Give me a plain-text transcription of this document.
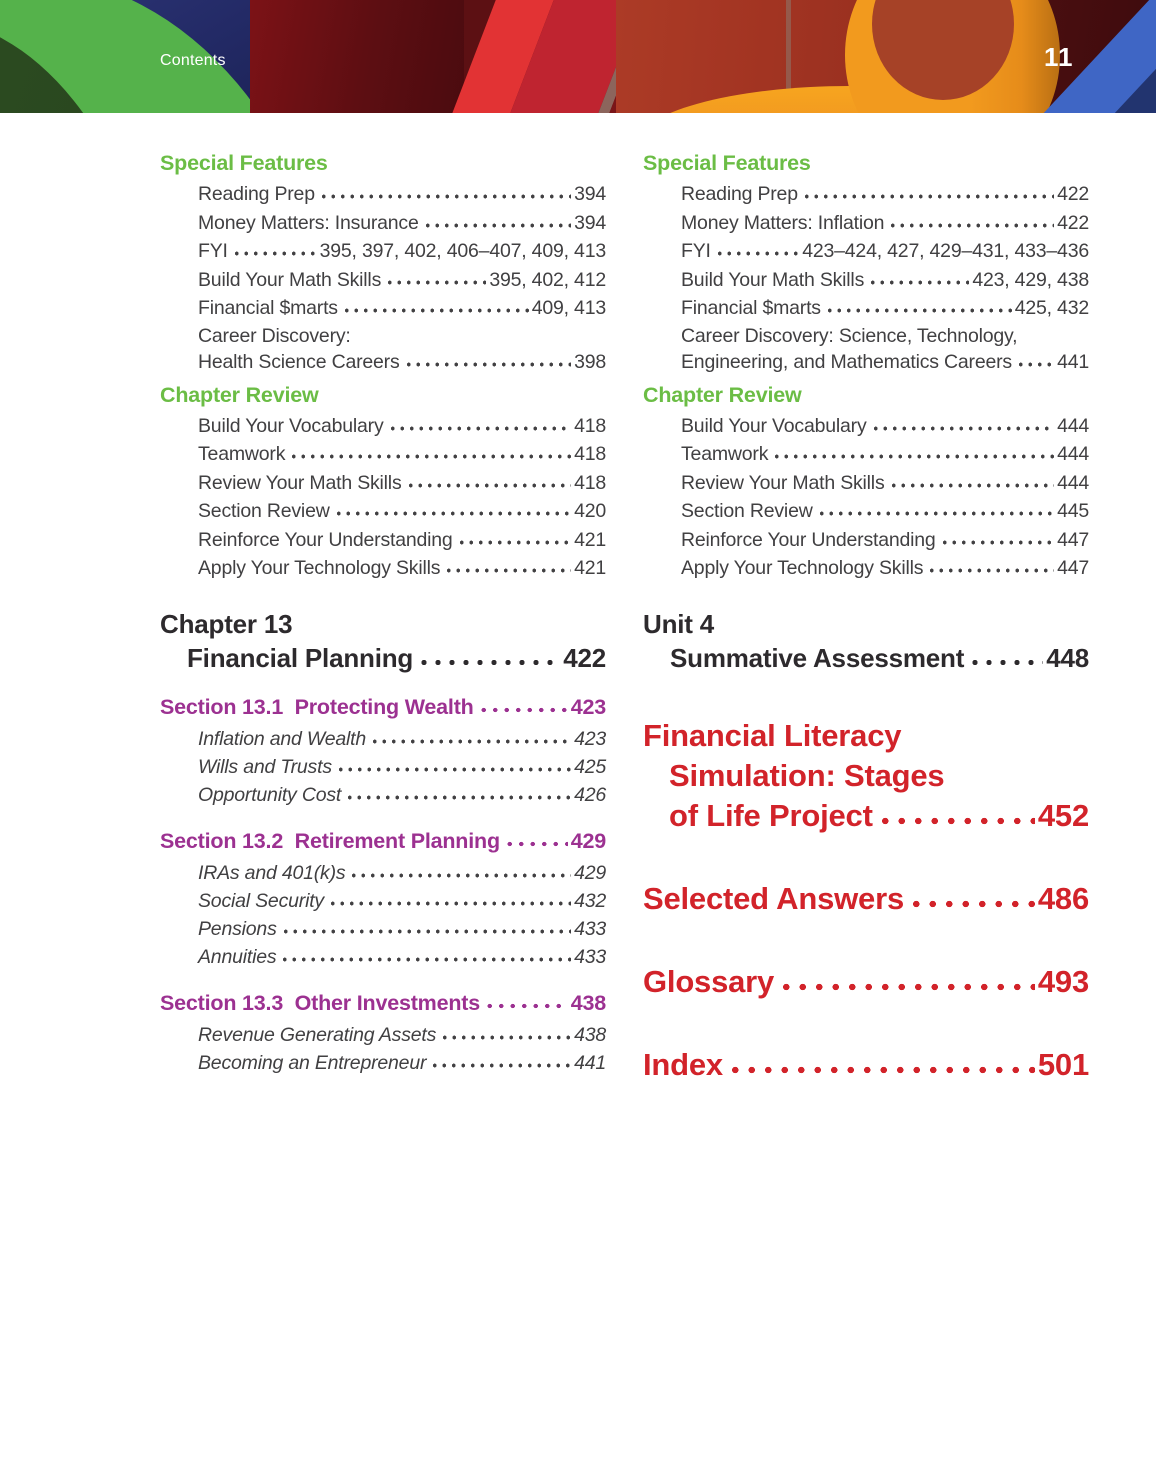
Contents	11
Special Features
Reading Prep	394
Money Matters: Insurance	394
FYI	395, 397, 402, 406–407, 409, 413
Build Your Math Skills	395, 402, 412
Financial $marts	409, 413
Career Discovery:
Health Science Careers	398
Chapter Review
Build Your Vocabulary	418
Teamwork	418
Review Your Math Skills	418
Section Review	420
Reinforce Your Understanding	421
Apply Your Technology Skills	421
Chapter 13
Financial Planning	422
Section 13.1  Protecting Wealth	423
Inflation and Wealth	423
Wills and Trusts	425
Opportunity Cost	426
Section 13.2  Retirement Planning	429
IRAs and 401(k)s	429
Social Security	432
Pensions	433
Annuities	433
Section 13.3  Other Investments	438
Revenue Generating Assets	438
Becoming an Entrepreneur	441
Special Features
Reading Prep	422
Money Matters: Inflation	422
FYI	423–424, 427, 429–431, 433–436
Build Your Math Skills	423, 429, 438
Financial $marts	425, 432
Career Discovery: Science, Technology,
Engineering, and Mathematics Careers 441
Chapter Review
Build Your Vocabulary	444
Teamwork	444
Review Your Math Skills	444
Section Review	445
Reinforce Your Understanding	447
Apply Your Technology Skills	447
Unit 4
Summative Assessment	448
Financial Literacy
Simulation: Stages
of Life Project	452
Selected Answers	486
Glossary	493
Index	501
